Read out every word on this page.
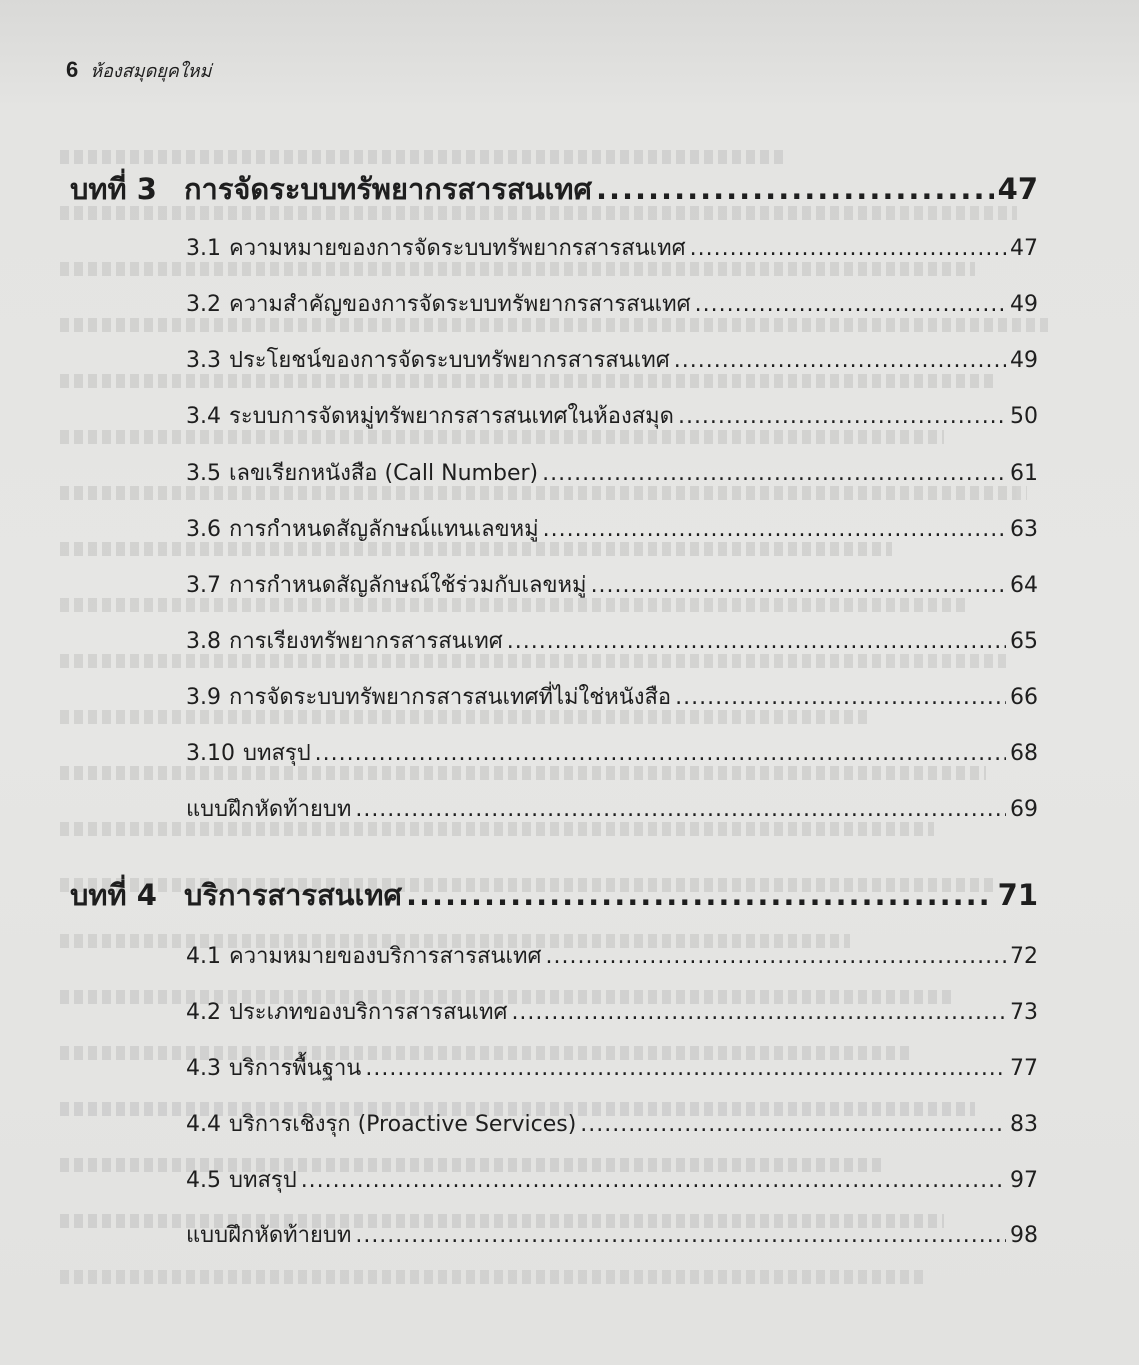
6 ห้องสมุดยุคใหม่
บทที่ 3 การจัดระบบทรัพยากรสารสนเทศ .....	47
3.1 ความหมายของการจัดระบบทรัพยากรสารสนเทศ .....	47
3.2 ความสำคัญของการจัดระบบทรัพยากรสารสนเทศ .....	49
3.3 ประโยชน์ของการจัดระบบทรัพยากรสารสนเทศ .....	49
3.4 ระบบการจัดหมู่ทรัพยากรสารสนเทศในห้องสมุด .....	50
3.5 เลขเรียกหนังสือ (Call Number) .....	61
3.6 การกำหนดสัญลักษณ์แทนเลขหมู่ .....	63
3.7 การกำหนดสัญลักษณ์ใช้ร่วมกับเลขหมู่ .....	64
3.8 การเรียงทรัพยากรสารสนเทศ .....	65
3.9 การจัดระบบทรัพยากรสารสนเทศที่ไม่ใช่หนังสือ .....	66
3.10 บทสรุป .....	68
แบบฝึกหัดท้ายบท .....	69
บทที่ 4 บริการสารสนเทศ .....	71
4.1 ความหมายของบริการสารสนเทศ .....	72
4.2 ประเภทของบริการสารสนเทศ .....	73
4.3 บริการพื้นฐาน .....	77
4.4 บริการเชิงรุก (Proactive Services) .....	83
4.5 บทสรุป .....	97
แบบฝึกหัดท้ายบท .....	98
